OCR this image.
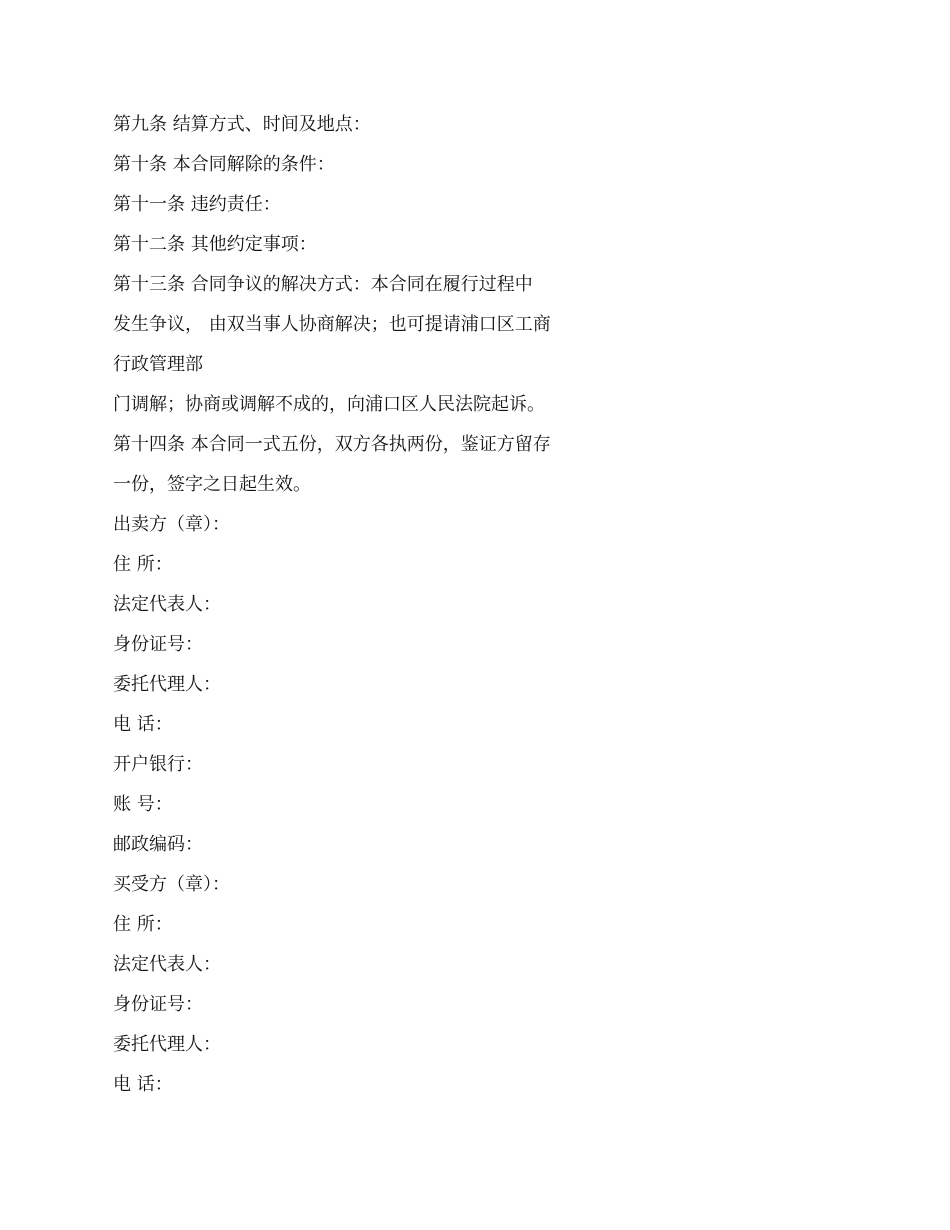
第九条 结算方式、时间及地点：
第十条 本合同解除的条件：
第十一条 违约责任：
第十二条 其他约定事项：
第十三条 合同争议的解决方式：本合同在履行过程中
发生争议， 由双当事人协商解决；也可提请浦口区工商
行政管理部
门调解；协商或调解不成的，向浦口区人民法院起诉。
第十四条 本合同一式五份，双方各执两份，鉴证方留存
一份，签字之日起生效。
出卖方（章）：
住 所：
法定代表人：
身份证号：
委托代理人：
电 话：
开户银行：
账 号：
邮政编码：
买受方（章）：
住 所：
法定代表人：
身份证号：
委托代理人：
电 话：
